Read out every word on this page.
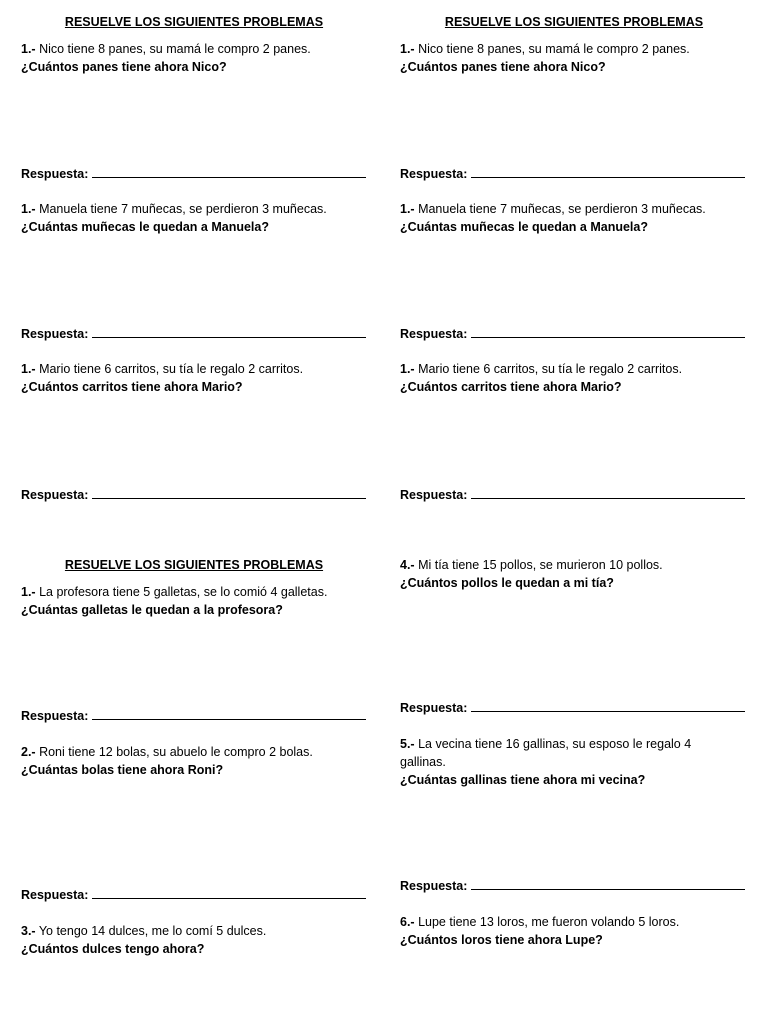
RESUELVE LOS SIGUIENTES PROBLEMAS	RESUELVE LOS SIGUIENTES PROBLEMAS
RESUELVE LOS SIGUIENTES PROBLEMAS
1.- Nico tiene 8 panes, su mamá le compro 2 panes.
¿Cuántos panes tiene ahora Nico?
Respuesta:
1.- Manuela tiene 7 muñecas, se perdieron 3 muñecas.
¿Cuántas muñecas le quedan a Manuela?
Respuesta:
1.- Mario tiene 6 carritos, su tía le regalo 2 carritos.
¿Cuántos carritos tiene ahora Mario?
Respuesta:
1.- Nico tiene 8 panes, su mamá le compro 2 panes.
¿Cuántos panes tiene ahora Nico?
Respuesta:
1.- Manuela tiene 7 muñecas, se perdieron 3 muñecas.
¿Cuántas muñecas le quedan a Manuela?
Respuesta:
1.- Mario tiene 6 carritos, su tía le regalo 2 carritos.
¿Cuántos carritos tiene ahora Mario?
Respuesta:
1.- La profesora tiene 5 galletas, se lo comió 4 galletas.
¿Cuántas galletas le quedan a la profesora?
Respuesta:
2.- Roni tiene 12 bolas, su abuelo le compro 2 bolas.
¿Cuántas bolas tiene ahora Roni?
Respuesta:
3.- Yo tengo 14 dulces, me lo comí 5 dulces.
¿Cuántos dulces tengo ahora?
4.- Mi tía tiene 15 pollos, se murieron 10 pollos.
¿Cuántos pollos le quedan a mi tía?
Respuesta:
5.- La vecina tiene 16 gallinas, su esposo le regalo 4
gallinas.
¿Cuántas gallinas tiene ahora mi vecina?
Respuesta:
6.- Lupe tiene 13 loros, me fueron volando 5 loros.
¿Cuántos loros tiene ahora Lupe?
